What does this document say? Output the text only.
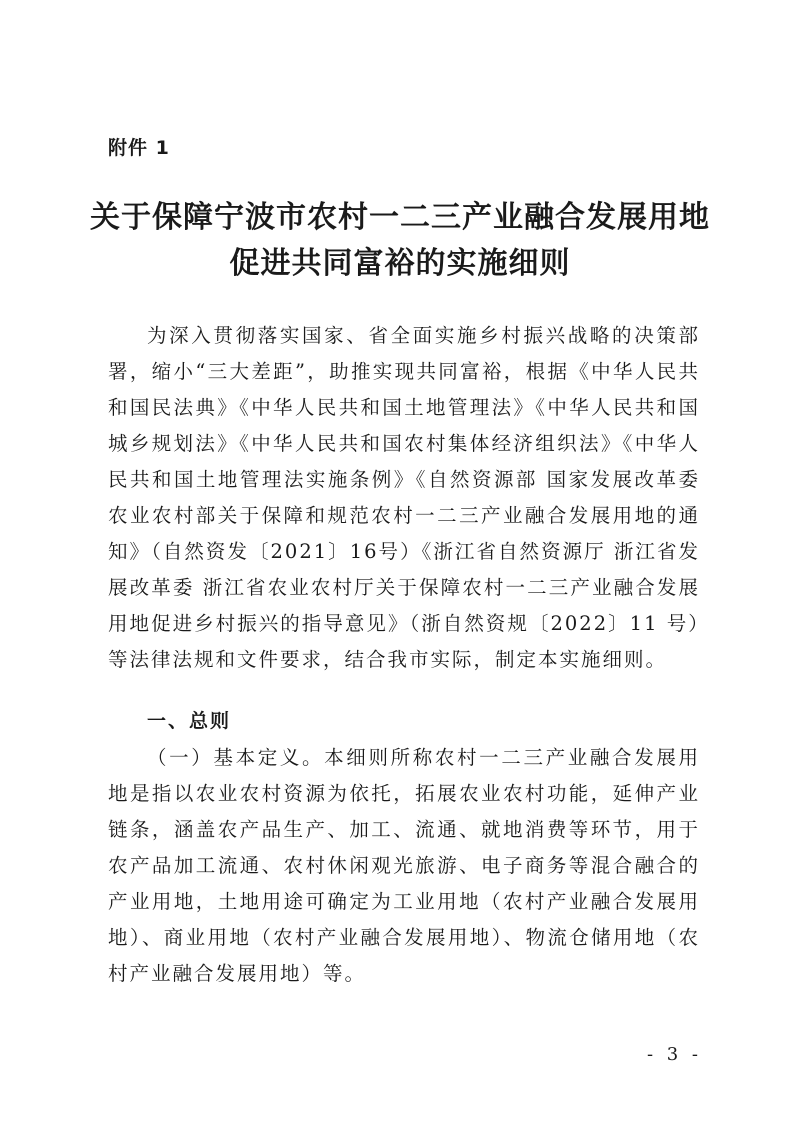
附件 1
关于保障宁波市农村一二三产业融合发展用地
促进共同富裕的实施细则
为深入贯彻落实国家、省全面实施乡村振兴战略的决策部署，缩小“三大差距”，助推实现共同富裕，根据《中华人民共和国民法典》《中华人民共和国土地管理法》《中华人民共和国城乡规划法》《中华人民共和国农村集体经济组织法》《中华人民共和国土地管理法实施条例》《自然资源部 国家发展改革委 农业农村部关于保障和规范农村一二三产业融合发展用地的通知》（自然资发〔2021〕16号）《浙江省自然资源厅 浙江省发展改革委 浙江省农业农村厅关于保障农村一二三产业融合发展用地促进乡村振兴的指导意见》（浙自然资规〔2022〕11 号）等法律法规和文件要求，结合我市实际，制定本实施细则。
一、总则
（一）基本定义。本细则所称农村一二三产业融合发展用地是指以农业农村资源为依托，拓展农业农村功能，延伸产业链条，涵盖农产品生产、加工、流通、就地消费等环节，用于农产品加工流通、农村休闲观光旅游、电子商务等混合融合的产业用地，土地用途可确定为工业用地（农村产业融合发展用地）、商业用地（农村产业融合发展用地）、物流仓储用地（农村产业融合发展用地）等。
- 3 -
